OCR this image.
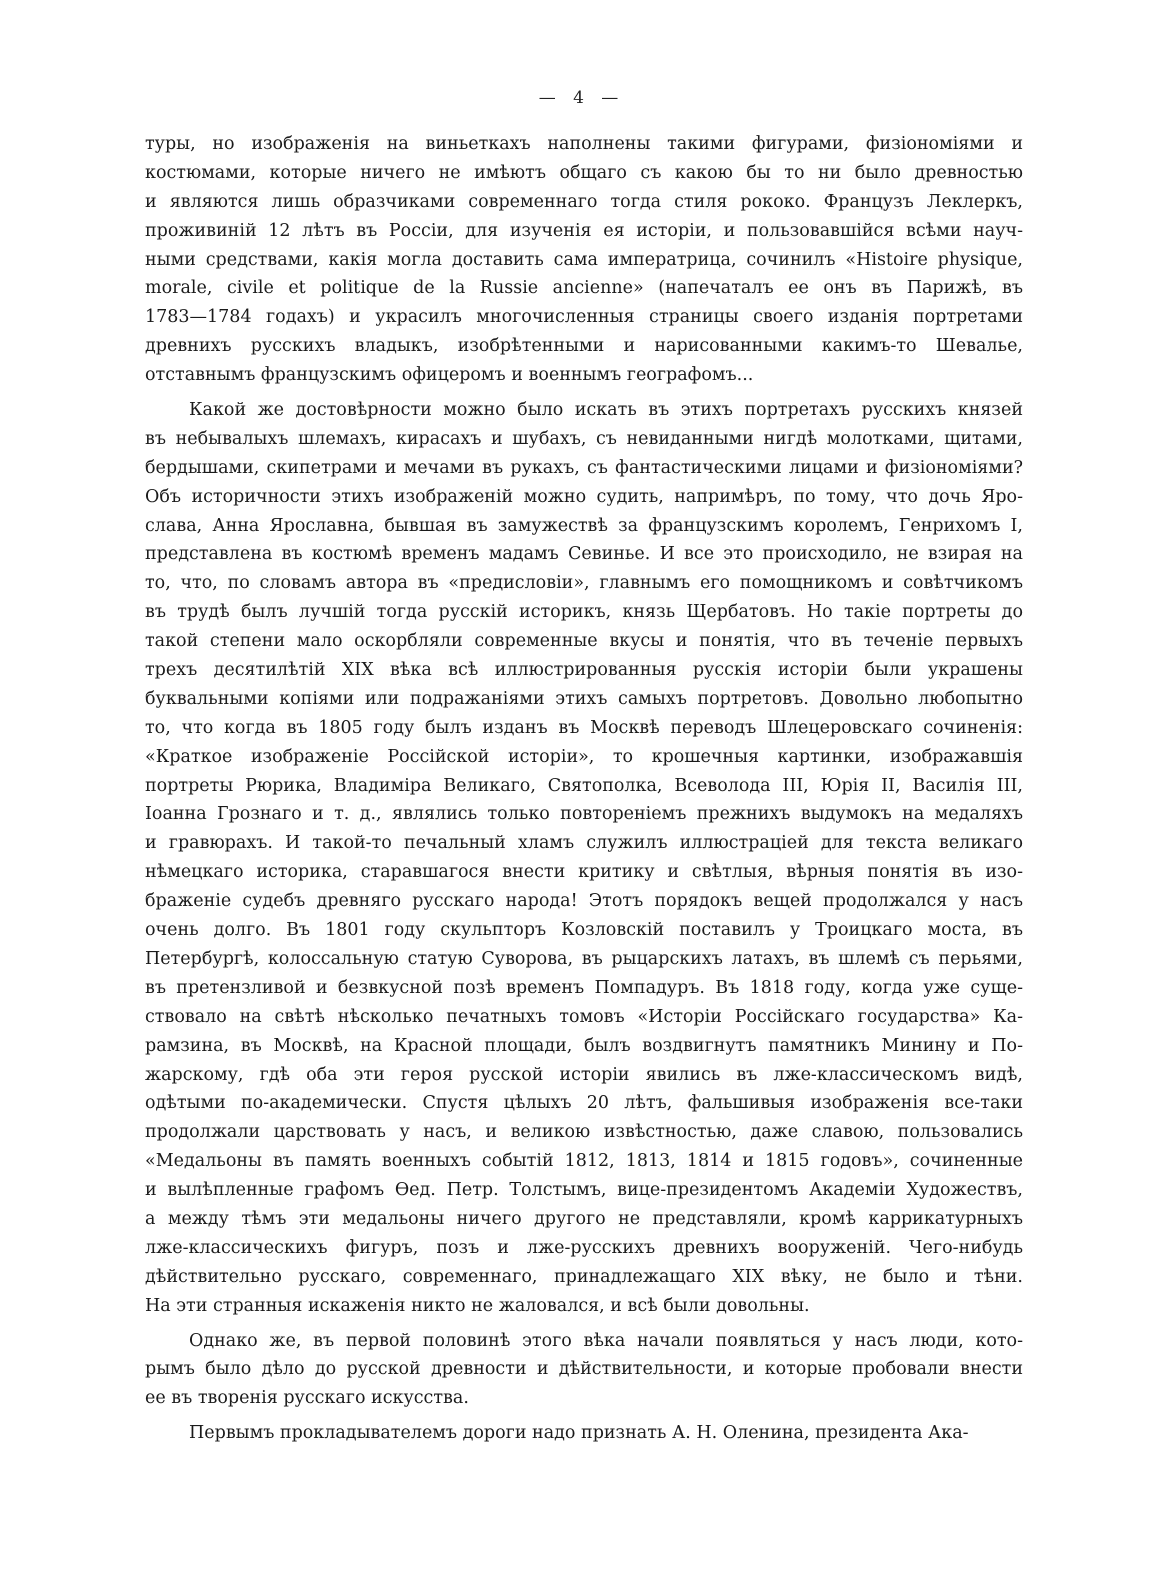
— 4 —
туры, но изображенія на виньеткахъ наполнены такими фигурами, физіономіями и
костюмами, которые ничего не имѣютъ общаго съ какою бы то ни было древностью
и являются лишь образчиками современнаго тогда стиля рококо. Французъ Леклеркъ,
проживиній 12 лѣтъ въ Россіи, для изученія ея исторіи, и пользовавшійся всѣми науч-
ными средствами, какія могла доставить сама императрица, сочинилъ «Histoire physique,
morale, civile et politique de la Russie ancienne» (напечаталъ ее онъ въ Парижѣ, въ
1783—1784 годахъ) и украсилъ многочисленныя страницы своего изданія портретами
древнихъ русскихъ владыкъ, изобрѣтенными и нарисованными какимъ-то Шевалье,
отставнымъ французскимъ офицеромъ и военнымъ географомъ...
Какой же достовѣрности можно было искать въ этихъ портретахъ русскихъ князей
въ небывалыхъ шлемахъ, кирасахъ и шубахъ, съ невиданными нигдѣ молотками, щитами,
бердышами, скипетрами и мечами въ рукахъ, съ фантастическими лицами и физіономіями?
Объ историчности этихъ изображеній можно судить, напримѣръ, по тому, что дочь Яро-
слава, Анна Ярославна, бывшая въ замужествѣ за французскимъ королемъ, Генрихомъ I,
представлена въ костюмѣ временъ мадамъ Севинье. И все это происходило, не взирая на
то, что, по словамъ автора въ «предисловіи», главнымъ его помощникомъ и совѣтчикомъ
въ трудѣ былъ лучшій тогда русскій историкъ, князь Щербатовъ. Но такіе портреты до
такой степени мало оскорбляли современные вкусы и понятія, что въ теченіе первыхъ
трехъ десятилѣтій XIX вѣка всѣ иллюстрированныя русскія исторіи были украшены
буквальными копіями или подражаніями этихъ самыхъ портретовъ. Довольно любопытно
то, что когда въ 1805 году былъ изданъ въ Москвѣ переводъ Шлецеровскаго сочиненія:
«Краткое изображеніе Россійской исторіи», то крошечныя картинки, изображавшія
портреты Рюрика, Владиміра Великаго, Святополка, Всеволода III, Юрія II, Василія III,
Іоанна Грознаго и т. д., являлись только повтореніемъ прежнихъ выдумокъ на медаляхъ
и гравюрахъ. И такой-то печальный хламъ служилъ иллюстраціей для текста великаго
нѣмецкаго историка, старавшагося внести критику и свѣтлыя, вѣрныя понятія въ изо-
браженіе судебъ древняго русскаго народа! Этотъ порядокъ вещей продолжался у насъ
очень долго. Въ 1801 году скульпторъ Козловскій поставилъ у Троицкаго моста, въ
Петербургѣ, колоссальную статую Суворова, въ рыцарскихъ латахъ, въ шлемѣ съ перьями,
въ претензливой и безвкусной позѣ временъ Помпадуръ. Въ 1818 году, когда уже суще-
ствовало на свѣтѣ нѣсколько печатныхъ томовъ «Исторіи Россійскаго государства» Ка-
рамзина, въ Москвѣ, на Красной площади, былъ воздвигнутъ памятникъ Минину и По-
жарскому, гдѣ оба эти героя русской исторіи явились въ лже-классическомъ видѣ,
одѣтыми по-академически. Спустя цѣлыхъ 20 лѣтъ, фальшивыя изображенія все-таки
продолжали царствовать у насъ, и великою извѣстностью, даже славою, пользовались
«Медальоны въ память военныхъ событій 1812, 1813, 1814 и 1815 годовъ», сочиненные
и вылѣпленные графомъ Ѳед. Петр. Толстымъ, вице-президентомъ Академіи Художествъ,
а между тѣмъ эти медальоны ничего другого не представляли, кромѣ каррикатурныхъ
лже-классическихъ фигуръ, позъ и лже-русскихъ древнихъ вооруженій. Чего-нибудь
дѣйствительно русскаго, современнаго, принадлежащаго XIX вѣку, не было и тѣни.
На эти странныя искаженія никто не жаловался, и всѣ были довольны.
Однако же, въ первой половинѣ этого вѣка начали появляться у насъ люди, кото-
рымъ было дѣло до русской древности и дѣйствительности, и которые пробовали внести
ее въ творенія русскаго искусства.
Первымъ прокладывателемъ дороги надо признать А. Н. Оленина, президента Ака-
